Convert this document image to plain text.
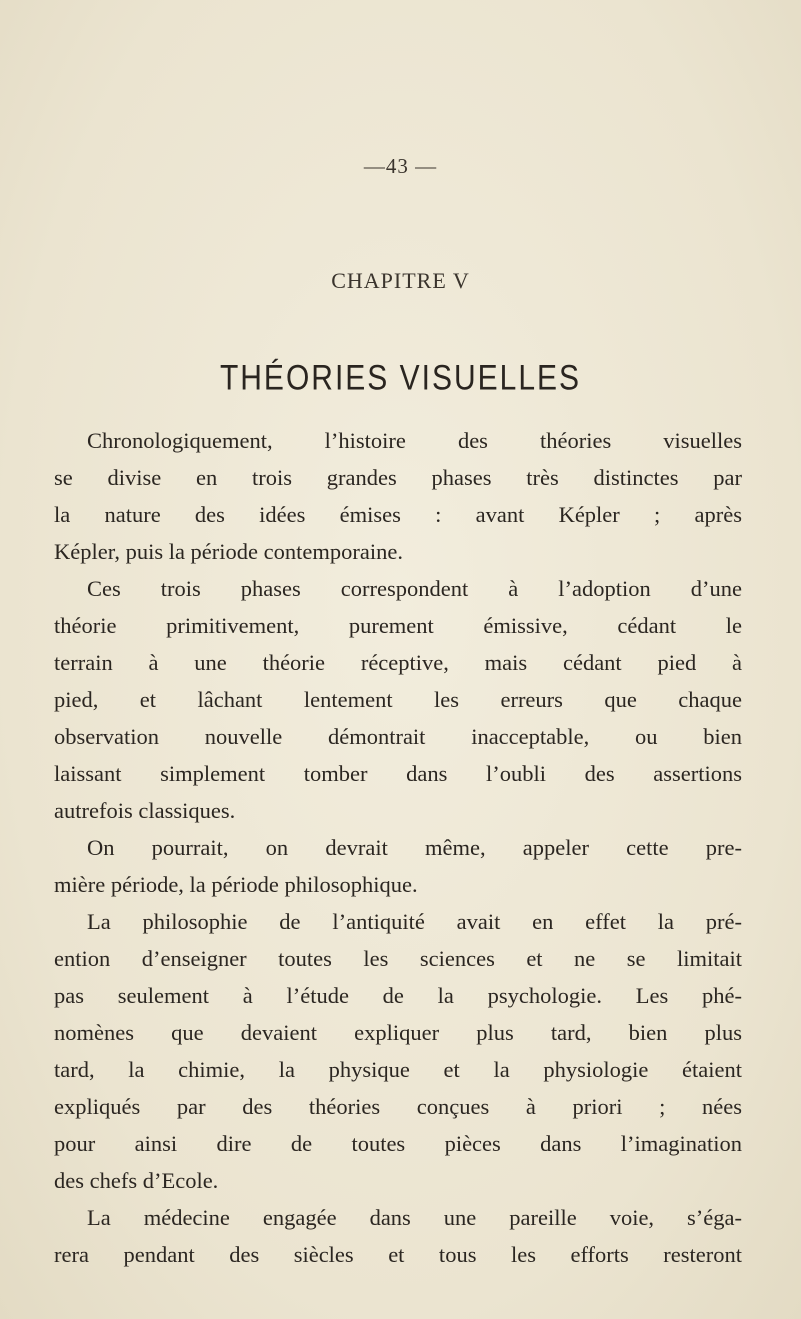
—43 —
CHAPITRE V
THÉORIES VISUELLES
Chronologiquement, l’histoire des théories visuelles
se divise en trois grandes phases très distinctes par
la nature des idées émises : avant Képler ; après
Képler, puis la période contemporaine.
Ces trois phases correspondent à l’adoption d’une
théorie primitivement, purement émissive, cédant le
terrain à une théorie réceptive, mais cédant pied à
pied, et lâchant lentement les erreurs que chaque
observation nouvelle démontrait inacceptable, ou bien
laissant simplement tomber dans l’oubli des assertions
autrefois classiques.
On pourrait, on devrait même, appeler cette pre-
mière période, la période philosophique.
La philosophie de l’antiquité avait en effet la pré-
ention d’enseigner toutes les sciences et ne se limitait
pas seulement à l’étude de la psychologie. Les phé-
nomènes que devaient expliquer plus tard, bien plus
tard, la chimie, la physique et la physiologie étaient
expliqués par des théories conçues à priori ; nées
pour ainsi dire de toutes pièces dans l’imagination
des chefs d’Ecole.
La médecine engagée dans une pareille voie, s’éga-
rera pendant des siècles et tous les efforts resteront
